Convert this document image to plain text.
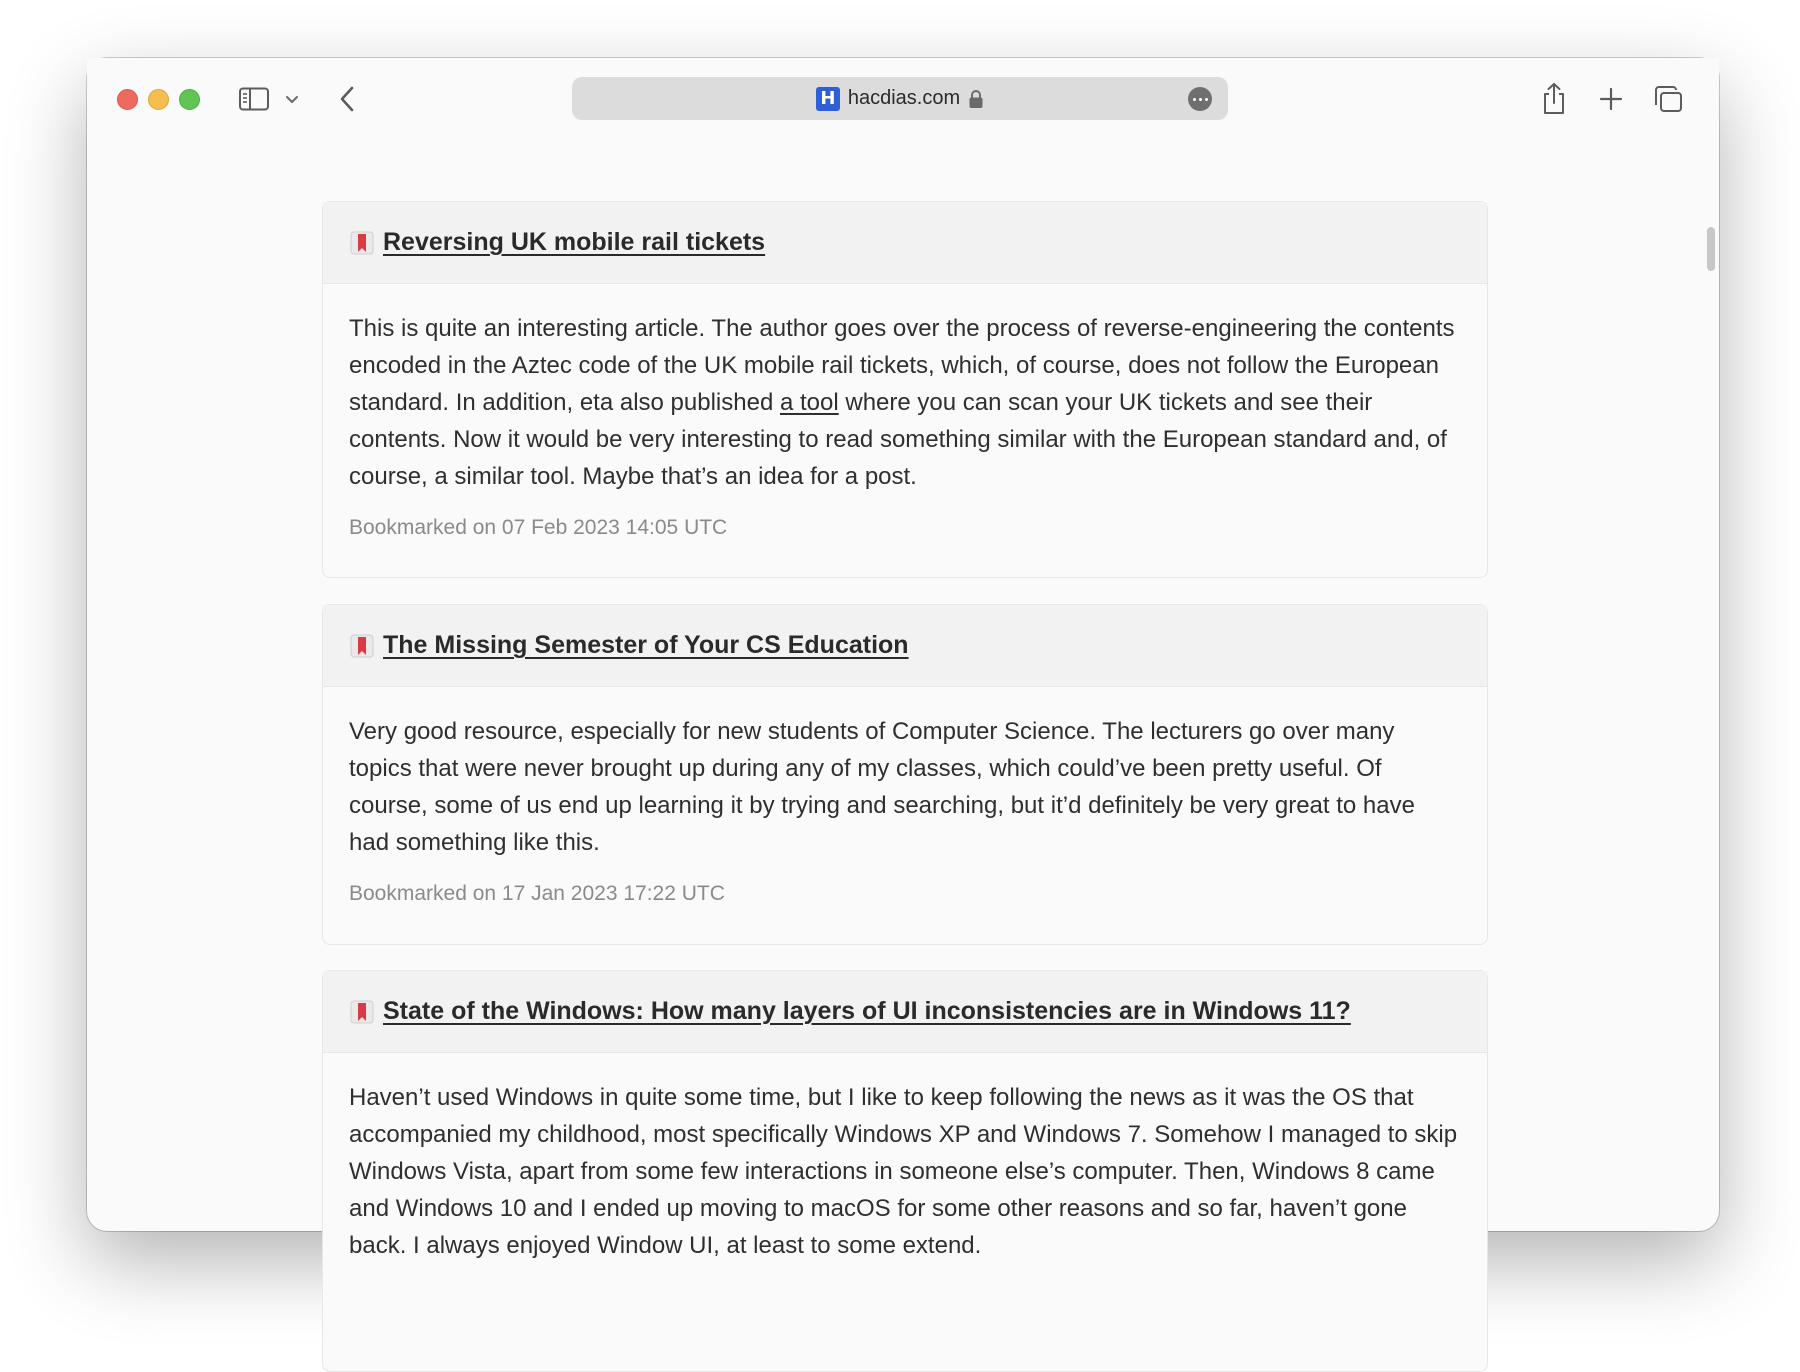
H hacdias.com
Reversing UK mobile rail tickets

This is quite an interesting article. The author goes over the process of reverse-engineering the contents encoded in the Aztec code of the UK mobile rail tickets, which, of course, does not follow the European standard. In addition, eta also published a tool where you can scan your UK tickets and see their contents. Now it would be very interesting to read something similar with the European standard and, of course, a similar tool. Maybe that’s an idea for a post.

Bookmarked on 07 Feb 2023 14:05 UTC
The Missing Semester of Your CS Education

Very good resource, especially for new students of Computer Science. The lecturers go over many topics that were never brought up during any of my classes, which could’ve been pretty useful. Of course, some of us end up learning it by trying and searching, but it’d definitely be very great to have had something like this.

Bookmarked on 17 Jan 2023 17:22 UTC
State of the Windows: How many layers of UI inconsistencies are in Windows 11?

Haven’t used Windows in quite some time, but I like to keep following the news as it was the OS that accompanied my childhood, most specifically Windows XP and Windows 7. Somehow I managed to skip Windows Vista, apart from some few interactions in someone else’s computer. Then, Windows 8 came and Windows 10 and I ended up moving to macOS for some other reasons and so far, haven’t gone back. I always enjoyed Window UI, at least to some extend.
